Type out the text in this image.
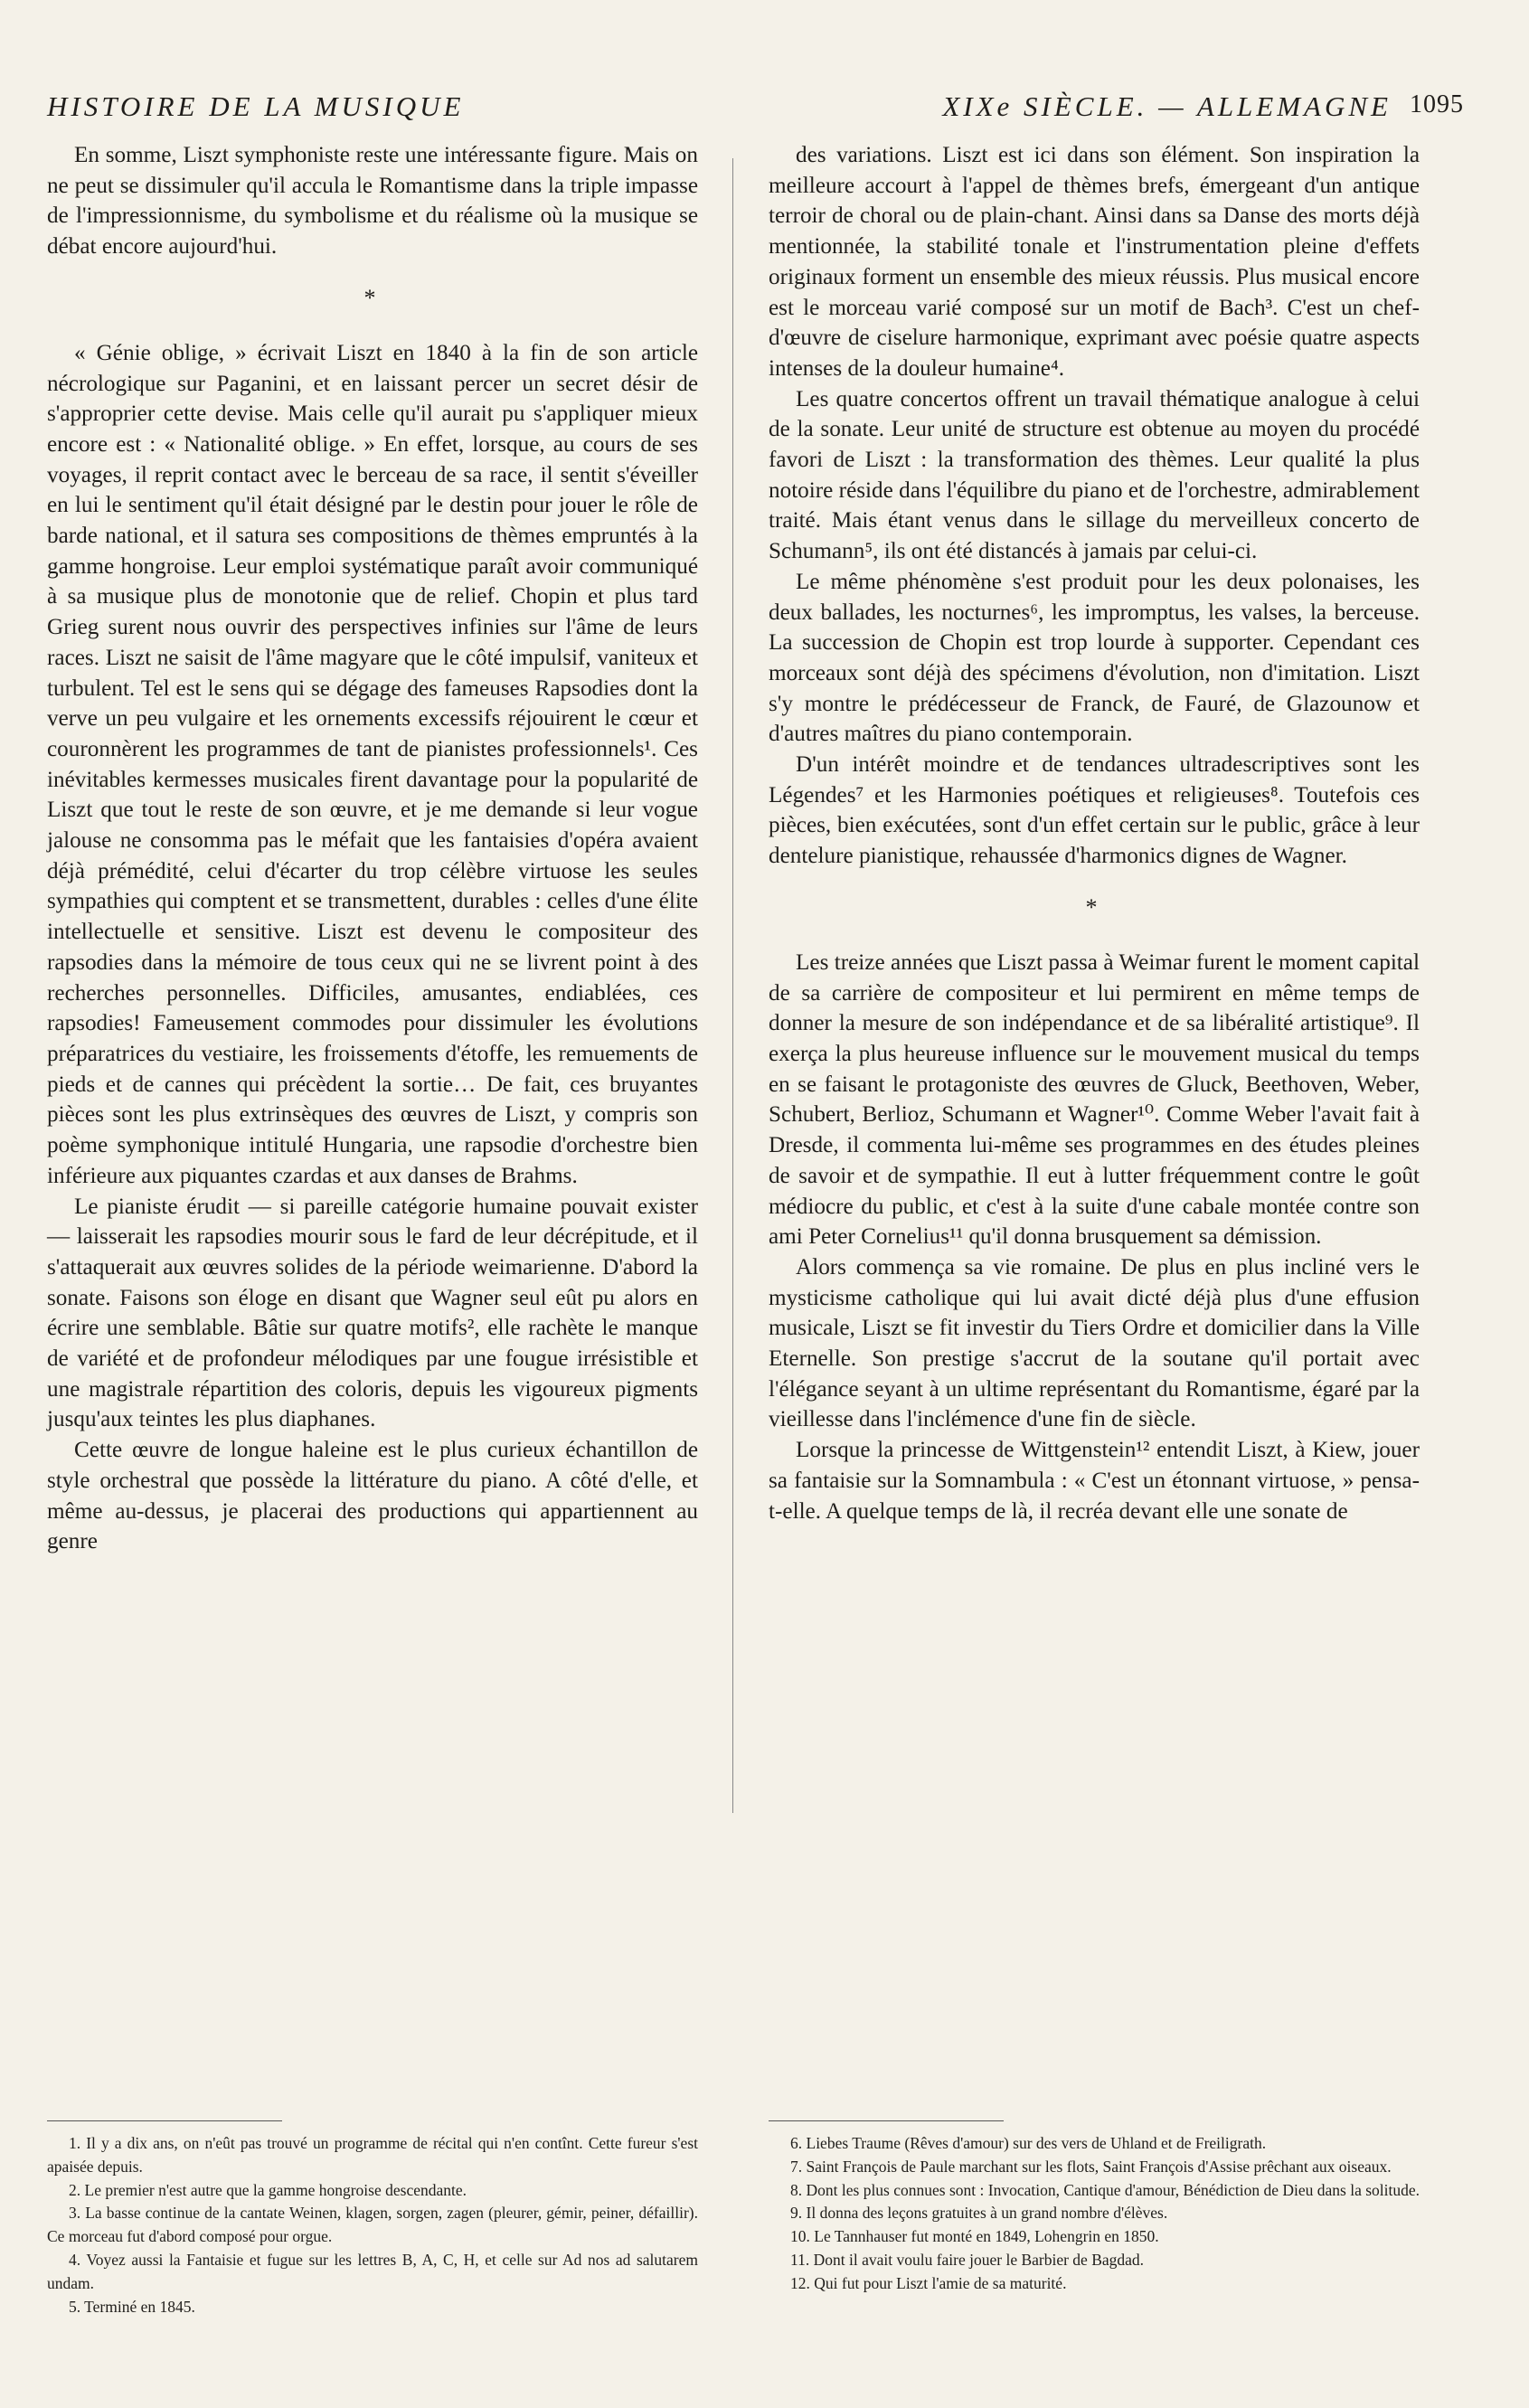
HISTOIRE DE LA MUSIQUE	XIXe SIÈCLE. — ALLEMAGNE 1095

En somme, Liszt symphoniste reste une intéressante figure. Mais on ne peut se dissimuler qu'il accula le Romantisme dans la triple impasse de l'impressionnisme, du symbolisme et du réalisme où la musique se débat encore aujourd'hui.

*

« Génie oblige, » écrivait Liszt en 1840 à la fin de son article nécrologique sur Paganini, et en laissant percer un secret désir de s'approprier cette devise. Mais celle qu'il aurait pu s'appliquer mieux encore est : « Nationalité oblige. » En effet, lorsque, au cours de ses voyages, il reprit contact avec le berceau de sa race, il sentit s'éveiller en lui le sentiment qu'il était désigné par le destin pour jouer le rôle de barde national, et il satura ses compositions de thèmes empruntés à la gamme hongroise. Leur emploi systématique paraît avoir communiqué à sa musique plus de monotonie que de relief. Chopin et plus tard Grieg surent nous ouvrir des perspectives infinies sur l'âme de leurs races. Liszt ne saisit de l'âme magyare que le côté impulsif, vaniteux et turbulent. Tel est le sens qui se dégage des fameuses Rapsodies dont la verve un peu vulgaire et les ornements excessifs réjouirent le cœur et couronnèrent les programmes de tant de pianistes professionnels¹. Ces inévitables kermesses musicales firent davantage pour la popularité de Liszt que tout le reste de son œuvre, et je me demande si leur vogue jalouse ne consomma pas le méfait que les fantaisies d'opéra avaient déjà prémédité, celui d'écarter du trop célèbre virtuose les seules sympathies qui comptent et se transmettent, durables : celles d'une élite intellectuelle et sensitive. Liszt est devenu le compositeur des rapsodies dans la mémoire de tous ceux qui ne se livrent point à des recherches personnelles. Difficiles, amusantes, endiablées, ces rapsodies! Fameusement commodes pour dissimuler les évolutions préparatrices du vestiaire, les froissements d'étoffe, les remuements de pieds et de cannes qui précèdent la sortie… De fait, ces bruyantes pièces sont les plus extrinsèques des œuvres de Liszt, y compris son poème symphonique intitulé Hungaria, une rapsodie d'orchestre bien inférieure aux piquantes czardas et aux danses de Brahms.

Le pianiste érudit — si pareille catégorie humaine pouvait exister — laisserait les rapsodies mourir sous le fard de leur décrépitude, et il s'attaquerait aux œuvres solides de la période weimarienne. D'abord la sonate. Faisons son éloge en disant que Wagner seul eût pu alors en écrire une semblable. Bâtie sur quatre motifs², elle rachète le manque de variété et de profondeur mélodiques par une fougue irrésistible et une magistrale répartition des coloris, depuis les vigoureux pigments jusqu'aux teintes les plus diaphanes.

Cette œuvre de longue haleine est le plus curieux échantillon de style orchestral que possède la littérature du piano. A côté d'elle, et même au-dessus, je placerai des productions qui appartiennent au genre

des variations. Liszt est ici dans son élément. Son inspiration la meilleure accourt à l'appel de thèmes brefs, émergeant d'un antique terroir de choral ou de plain-chant. Ainsi dans sa Danse des morts déjà mentionnée, la stabilité tonale et l'instrumentation pleine d'effets originaux forment un ensemble des mieux réussis. Plus musical encore est le morceau varié composé sur un motif de Bach³. C'est un chef-d'œuvre de ciselure harmonique, exprimant avec poésie quatre aspects intenses de la douleur humaine⁴.

Les quatre concertos offrent un travail thématique analogue à celui de la sonate. Leur unité de structure est obtenue au moyen du procédé favori de Liszt : la transformation des thèmes. Leur qualité la plus notoire réside dans l'équilibre du piano et de l'orchestre, admirablement traité. Mais étant venus dans le sillage du merveilleux concerto de Schumann⁵, ils ont été distancés à jamais par celui-ci.

Le même phénomène s'est produit pour les deux polonaises, les deux ballades, les nocturnes⁶, les impromptus, les valses, la berceuse. La succession de Chopin est trop lourde à supporter. Cependant ces morceaux sont déjà des spécimens d'évolution, non d'imitation. Liszt s'y montre le prédécesseur de Franck, de Fauré, de Glazounow et d'autres maîtres du piano contemporain.

D'un intérêt moindre et de tendances ultradescriptives sont les Légendes⁷ et les Harmonies poétiques et religieuses⁸. Toutefois ces pièces, bien exécutées, sont d'un effet certain sur le public, grâce à leur dentelure pianistique, rehaussée d'harmonics dignes de Wagner.

*

Les treize années que Liszt passa à Weimar furent le moment capital de sa carrière de compositeur et lui permirent en même temps de donner la mesure de son indépendance et de sa libéralité artistique⁹. Il exerça la plus heureuse influence sur le mouvement musical du temps en se faisant le protagoniste des œuvres de Gluck, Beethoven, Weber, Schubert, Berlioz, Schumann et Wagner¹⁰. Comme Weber l'avait fait à Dresde, il commenta lui-même ses programmes en des études pleines de savoir et de sympathie. Il eut à lutter fréquemment contre le goût médiocre du public, et c'est à la suite d'une cabale montée contre son ami Peter Cornelius¹¹ qu'il donna brusquement sa démission.

Alors commença sa vie romaine. De plus en plus incliné vers le mysticisme catholique qui lui avait dicté déjà plus d'une effusion musicale, Liszt se fit investir du Tiers Ordre et domicilier dans la Ville Eternelle. Son prestige s'accrut de la soutane qu'il portait avec l'élégance seyant à un ultime représentant du Romantisme, égaré par la vieillesse dans l'inclémence d'une fin de siècle.

Lorsque la princesse de Wittgenstein¹² entendit Liszt, à Kiew, jouer sa fantaisie sur la Somnambula : « C'est un étonnant virtuose, » pensa-t-elle. A quelque temps de là, il recréa devant elle une sonate de

1. Il y a dix ans, on n'eût pas trouvé un programme de récital qui n'en contînt. Cette fureur s'est apaisée depuis.

2. Le premier n'est autre que la gamme hongroise descendante.

3. La basse continue de la cantate Weinen, klagen, sorgen, zagen (pleurer, gémir, peiner, défaillir). Ce morceau fut d'abord composé pour orgue.

4. Voyez aussi la Fantaisie et fugue sur les lettres B, A, C, H, et celle sur Ad nos ad salutarem undam.

5. Terminé en 1845.

6. Liebes Traume (Rêves d'amour) sur des vers de Uhland et de Freiligrath.

7. Saint François de Paule marchant sur les flots, Saint François d'Assise prêchant aux oiseaux.

8. Dont les plus connues sont : Invocation, Cantique d'amour, Bénédiction de Dieu dans la solitude.

9. Il donna des leçons gratuites à un grand nombre d'élèves.

10. Le Tannhauser fut monté en 1849, Lohengrin en 1850.

11. Dont il avait voulu faire jouer le Barbier de Bagdad.

12. Qui fut pour Liszt l'amie de sa maturité.
